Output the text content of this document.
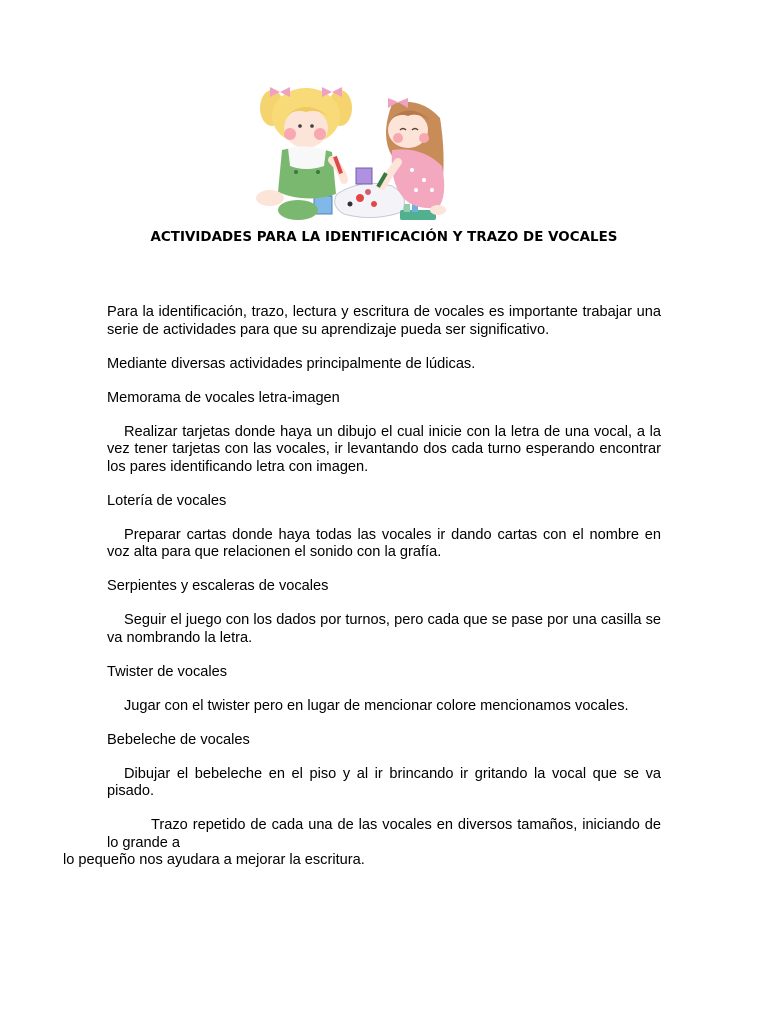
ACTIVIDADES PARA LA IDENTIFICACIÓN Y TRAZO DE VOCALES

Para la identificación, trazo, lectura y escritura de vocales es importante trabajar una serie de actividades para que su aprendizaje pueda ser significativo.

Mediante diversas actividades principalmente de lúdicas.

Memorama de vocales letra-imagen

Realizar tarjetas donde haya un dibujo el cual inicie con la letra de una vocal, a la vez tener tarjetas con las vocales, ir levantando dos cada turno esperando encontrar los pares identificando letra con imagen.

Lotería de vocales

Preparar cartas donde haya todas las vocales ir dando cartas con el nombre en voz alta para que relacionen el sonido con la grafía.

Serpientes y escaleras de vocales

Seguir el juego con los dados por turnos, pero cada que se pase por una casilla se va nombrando la letra.

Twister de vocales

Jugar con el twister pero en lugar de mencionar colore mencionamos vocales.

Bebeleche de vocales

Dibujar el bebeleche en el piso y al ir brincando ir gritando la vocal que se va pisado.

Trazo repetido de cada una de las vocales en diversos tamaños, iniciando de lo grande a
lo pequeño nos ayudara a mejorar la escritura.
